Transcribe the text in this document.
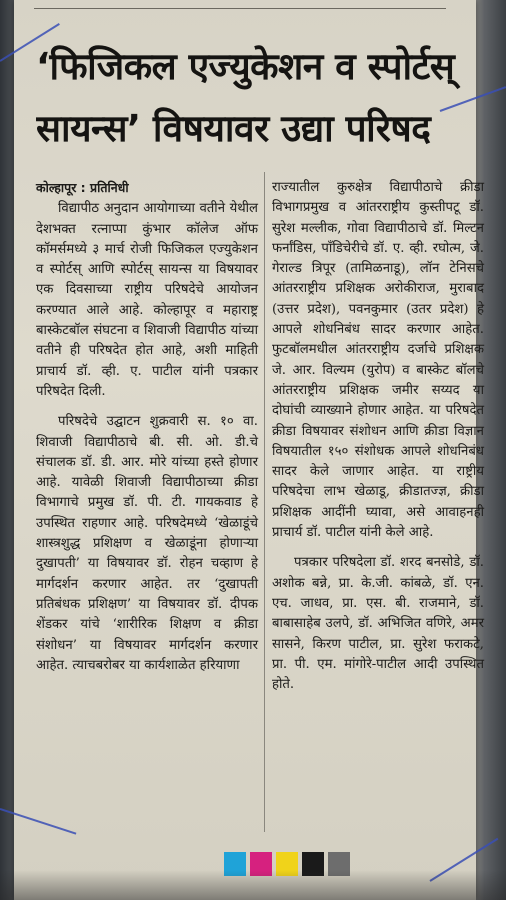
‘फिजिकल एज्युकेशन व स्पोर्टस्
सायन्स’ विषयावर उद्या परिषद

कोल्हापूर : प्रतिनिधी

विद्यापीठ अनुदान आयोगाच्या वतीने येथील देशभक्त रत्नाप्पा कुंभार कॉलेज ऑफ कॉमर्समध्ये ३ मार्च रोजी फिजिकल एज्युकेशन व स्पोर्टस् आणि स्पोर्टस् सायन्स या विषयावर एक दिवसाच्या राष्ट्रीय परिषदेचे आयोजन करण्यात आले आहे. कोल्हापूर व महाराष्ट्र बास्केटबॉल संघटना व शिवाजी विद्यापीठ यांच्या वतीने ही परिषदेत होत आहे, अशी माहिती प्राचार्य डॉ. व्ही. ए. पाटील यांनी पत्रकार परिषदेत दिली.

परिषदेचे उद्घाटन शुक्रवारी स. १० वा. शिवाजी विद्यापीठाचे बी. सी. ओ. डी.चे संचालक डॉ. डी. आर. मोरे यांच्या हस्ते होणार आहे. यावेळी शिवाजी विद्यापीठाच्या क्रीडा विभागाचे प्रमुख डॉ. पी. टी. गायकवाड हे उपस्थित राहणार आहे. परिषदेमध्ये ‘खेळाडूंचे शास्त्रशुद्ध प्रशिक्षण व खेळाडूंना होणाऱ्या दुखापती’ या विषयावर डॉ. रोहन चव्हाण हे मार्गदर्शन करणार आहेत. तर ‘दुखापती प्रतिबंधक प्रशिक्षण’ या विषयावर डॉ. दीपक शेंडकर यांचे ‘शारीरिक शिक्षण व क्रीडा संशोधन’ या विषयावर मार्गदर्शन करणार आहेत. त्याचबरोबर या कार्यशाळेत हरियाणा

राज्यातील कुरुक्षेत्र विद्यापीठाचे क्रीडा विभागप्रमुख व आंतरराष्ट्रीय कुस्तीपटू डॉ. सुरेश मल्लीक, गोवा विद्यापीठाचे डॉ. मिल्टन फर्नांडिस, पॉंडिचेरीचे डॉ. ए. व्ही. रघोत्म, जे. गेराल्ड त्रिपूर (तामिळनाडू), लॉन टेनिसचे आंतरराष्ट्रीय प्रशिक्षक अरोकीराज, मुराबाद (उत्तर प्रदेश), पवनकुमार (उतर प्रदेश) हे आपले शोधनिबंध सादर करणार आहेत. फुटबॉलमधील आंतरराष्ट्रीय दर्जाचे प्रशिक्षक जे. आर. विल्यम (युरोप) व बास्केट बॉलचे आंतरराष्ट्रीय प्रशिक्षक जमीर सय्यद या दोघांची व्याख्याने होणार आहेत. या परिषदेत क्रीडा विषयावर संशोधन आणि क्रीडा विज्ञान विषयातील १५० संशोधक आपले शोधनिबंध सादर केले जाणार आहेत. या राष्ट्रीय परिषदेचा लाभ खेळाडू, क्रीडातज्ज्ञ, क्रीडा प्रशिक्षक आदींनी घ्यावा, असे आवाहनही प्राचार्य डॉ. पाटील यांनी केले आहे.

पत्रकार परिषदेला डॉ. शरद बनसोडे, डॉ. अशोक बन्ने, प्रा. के.जी. कांबळे, डॉ. एन. एच. जाधव, प्रा. एस. बी. राजमाने, डॉ. बाबासाहेब उलपे, डॉ. अभिजित वणिरे, अमर सासने, किरण पाटील, प्रा. सुरेश फराकटे, प्रा. पी. एम. मांगोरे-पाटील आदी उपस्थित होते.
